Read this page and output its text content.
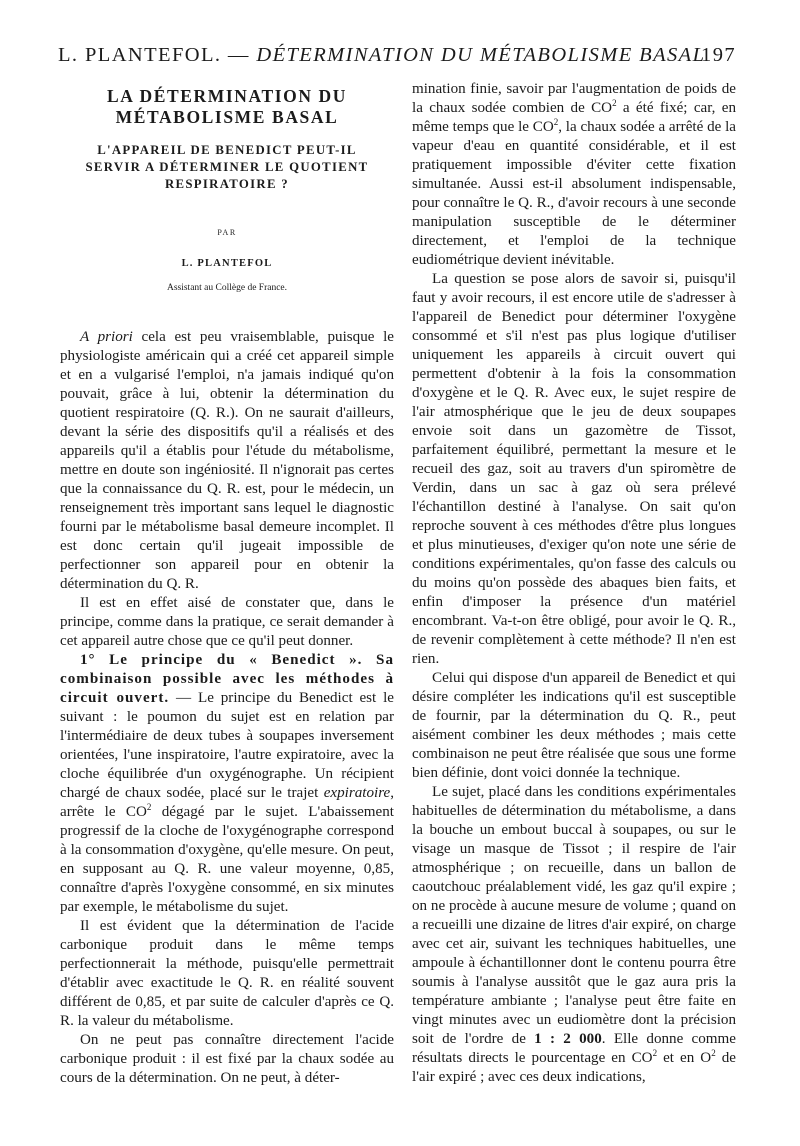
L. PLANTEFOL. — DÉTERMINATION DU MÉTABOLISME BASAL
197
LA DÉTERMINATION DU
MÉTABOLISME BASAL
L'APPAREIL DE BENEDICT PEUT-IL
SERVIR A DÉTERMINER LE QUOTIENT
RESPIRATOIRE ?
PAR
L. PLANTEFOL
Assistant au Collège de France.

A priori cela est peu vraisemblable, puisque le physiologiste américain qui a créé cet appareil simple et en a vulgarisé l'emploi, n'a jamais indiqué qu'on pouvait, grâce à lui, obtenir la détermination du quotient respiratoire (Q. R.). On ne saurait d'ailleurs, devant la série des dispositifs qu'il a réalisés et des appareils qu'il a établis pour l'étude du métabolisme, mettre en doute son ingéniosité. Il n'ignorait pas certes que la connaissance du Q. R. est, pour le médecin, un renseignement très important sans lequel le diagnostic fourni par le métabolisme basal demeure incomplet. Il est donc certain qu'il jugeait impossible de perfectionner son appareil pour en obtenir la détermination du Q. R.

Il est en effet aisé de constater que, dans le principe, comme dans la pratique, ce serait demander à cet appareil autre chose que ce qu'il peut donner.

1° Le principe du « Benedict ». Sa combinaison possible avec les méthodes à circuit ouvert. — Le principe du Benedict est le suivant : le poumon du sujet est en relation par l'intermédiaire de deux tubes à soupapes inversement orientées, l'une inspiratoire, l'autre expiratoire, avec la cloche équilibrée d'un oxygénographe. Un récipient chargé de chaux sodée, placé sur le trajet expiratoire, arrête le $CO^2$ dégagé par le sujet. L'abaissement progressif de la cloche de l'oxygénographe correspond à la consommation d'oxygène, qu'elle mesure. On peut, en supposant au Q. R. une valeur moyenne, 0,85, connaître d'après l'oxygène consommé, en six minutes par exemple, le métabolisme du sujet.

Il est évident que la détermination de l'acide carbonique produit dans le même temps perfectionnerait la méthode, puisqu'elle permettrait d'établir avec exactitude le Q. R. en réalité souvent différent de 0,85, et par suite de calculer d'après ce Q. R. la valeur du métabolisme.

On ne peut pas connaître directement l'acide carbonique produit : il est fixé par la chaux sodée au cours de la détermination. On ne peut, à déter-

mination finie, savoir par l'augmentation de poids de la chaux sodée combien de $CO^2$ a été fixé; car, en même temps que le $CO^2$, la chaux sodée a arrêté de la vapeur d'eau en quantité considérable, et il est pratiquement impossible d'éviter cette fixation simultanée. Aussi est-il absolument indispensable, pour connaître le Q. R., d'avoir recours à une seconde manipulation susceptible de le déterminer directement, et l'emploi de la technique eudiométrique devient inévitable.

La question se pose alors de savoir si, puisqu'il faut y avoir recours, il est encore utile de s'adresser à l'appareil de Benedict pour déterminer l'oxygène consommé et s'il n'est pas plus logique d'utiliser uniquement les appareils à circuit ouvert qui permettent d'obtenir à la fois la consommation d'oxygène et le Q. R. Avec eux, le sujet respire de l'air atmosphérique que le jeu de deux soupapes envoie soit dans un gazomètre de Tissot, parfaitement équilibré, permettant la mesure et le recueil des gaz, soit au travers d'un spiromètre de Verdin, dans un sac à gaz où sera prélevé l'échantillon destiné à l'analyse. On sait qu'on reproche souvent à ces méthodes d'être plus longues et plus minutieuses, d'exiger qu'on note une série de conditions expérimentales, qu'on fasse des calculs ou du moins qu'on possède des abaques bien faits, et enfin d'imposer la présence d'un matériel encombrant. Va-t-on être obligé, pour avoir le Q. R., de revenir complètement à cette méthode? Il n'en est rien.

Celui qui dispose d'un appareil de Benedict et qui désire compléter les indications qu'il est susceptible de fournir, par la détermination du Q. R., peut aisément combiner les deux méthodes ; mais cette combinaison ne peut être réalisée que sous une forme bien définie, dont voici donnée la technique.

Le sujet, placé dans les conditions expérimentales habituelles de détermination du métabolisme, a dans la bouche un embout buccal à soupapes, ou sur le visage un masque de Tissot ; il respire de l'air atmosphérique ; on recueille, dans un ballon de caoutchouc préalablement vidé, les gaz qu'il expire ; on ne procède à aucune mesure de volume ; quand on a recueilli une dizaine de litres d'air expiré, on charge avec cet air, suivant les techniques habituelles, une ampoule à échantillonner dont le contenu pourra être soumis à l'analyse aussitôt que le gaz aura pris la température ambiante ; l'analyse peut être faite en vingt minutes avec un eudiomètre dont la précision soit de l'ordre de 1 : 2 000. Elle donne comme résultats directs le pourcentage en $CO^2$ et en $O^2$ de l'air expiré ; avec ces deux indications,
